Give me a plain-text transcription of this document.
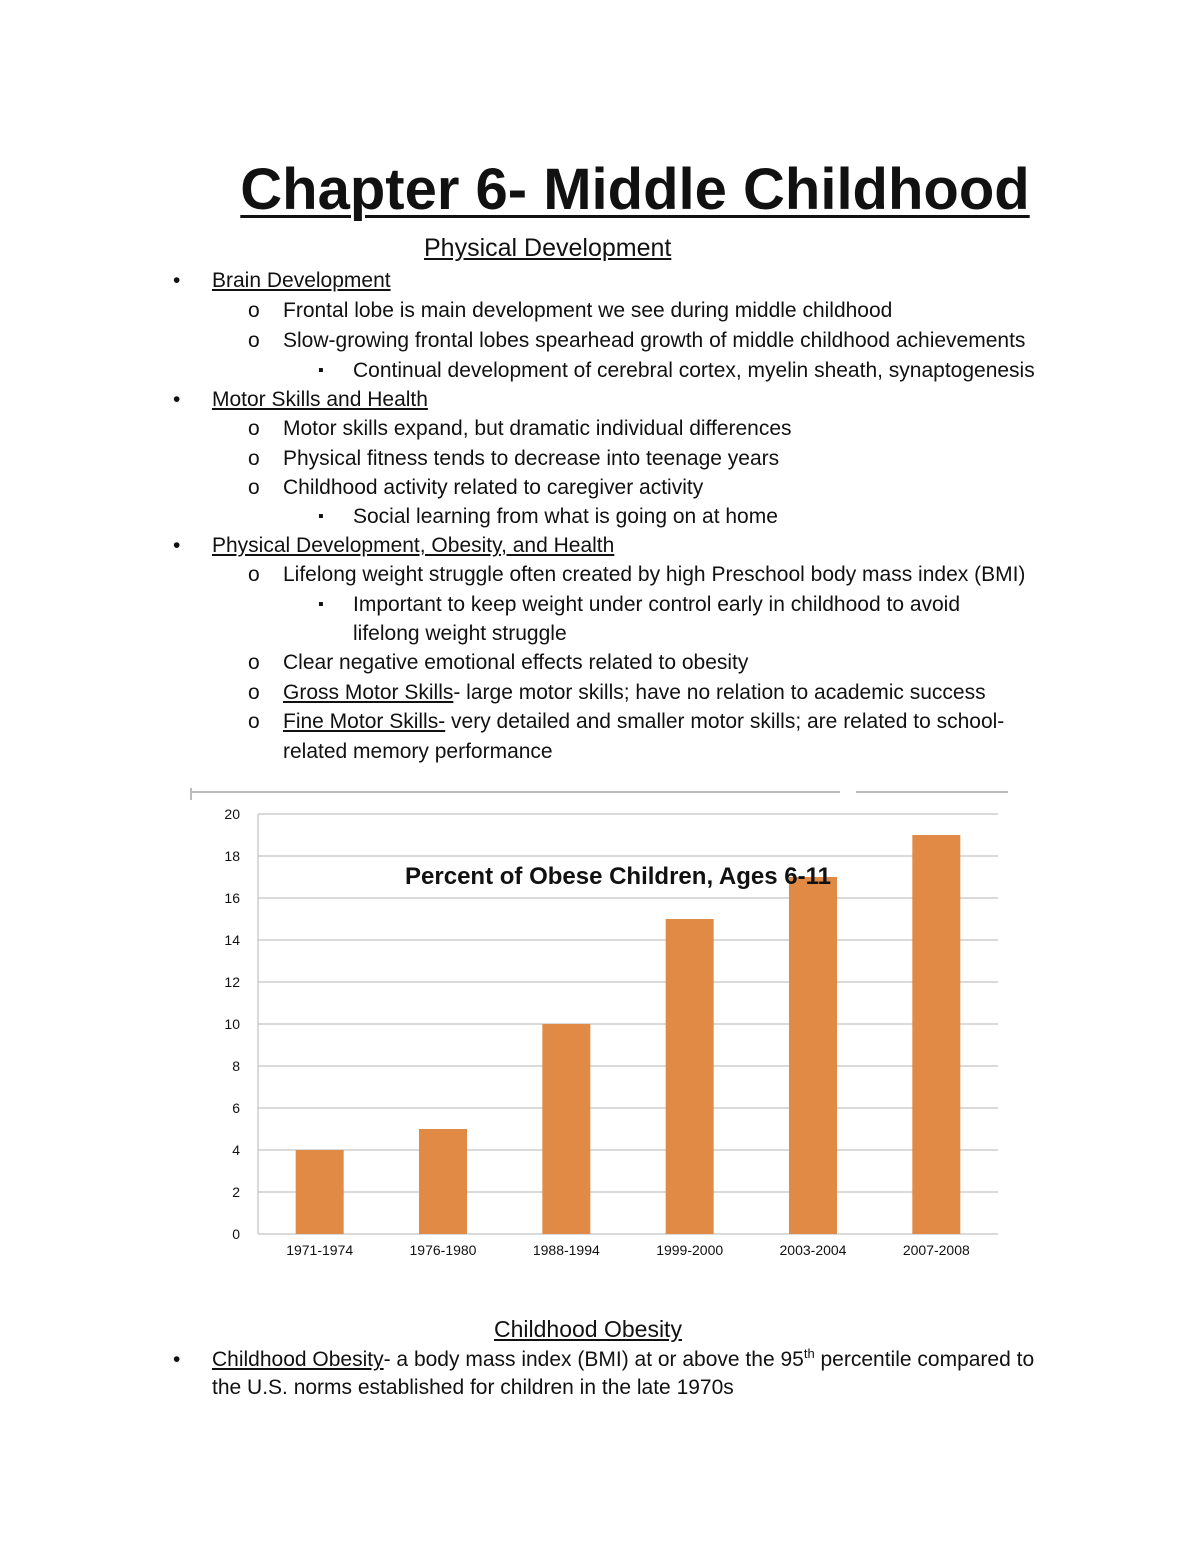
Chapter 6- Middle Childhood
Physical Development
• Brain Development
o Frontal lobe is main development we see during middle childhood
o Slow-growing frontal lobes spearhead growth of middle childhood achievements
▪ Continual development of cerebral cortex, myelin sheath, synaptogenesis
• Motor Skills and Health
o Motor skills expand, but dramatic individual differences
o Physical fitness tends to decrease into teenage years
o Childhood activity related to caregiver activity
▪ Social learning from what is going on at home
• Physical Development, Obesity, and Health
o Lifelong weight struggle often created by high Preschool body mass index (BMI)
▪ Important to keep weight under control early in childhood to avoid
lifelong weight struggle
o Clear negative emotional effects related to obesity
o Gross Motor Skills- large motor skills; have no relation to academic success
o Fine Motor Skills- very detailed and smaller motor skills; are related to school-
related memory performance
0
2
4
6
8
10
12
14
16
18
20
1971-1974	1976-1980	1988-1994	1999-2000	2003-2004	2007-2008
Percent of Obese Children, Ages 6-11
Childhood Obesity
• Childhood Obesity- a body mass index (BMI) at or above the 95th percentile compared to
the U.S. norms established for children in the late 1970s
